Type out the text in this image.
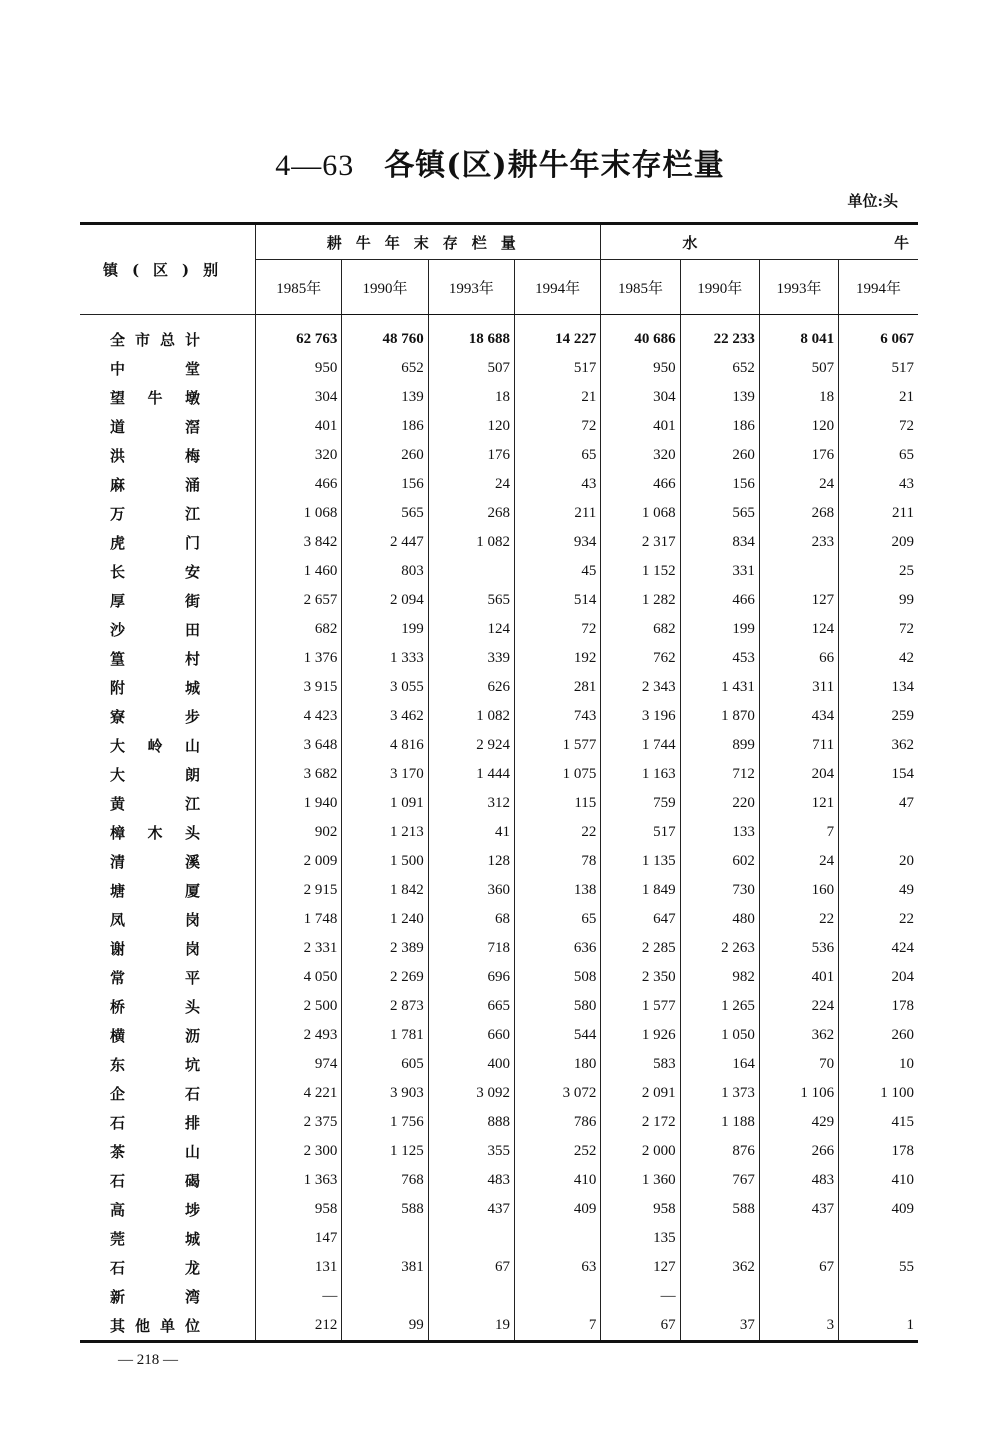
4—63 各镇(区)耕牛年末存栏量
单位:头
镇(区)别	耕牛年末存栏量				水 牛			

	1985年	1990年	1993年	1994年	1985年	1990年	1993年	1994年

全 市 总 计	62 763	48 760	18 688	14 227	40 686	22 233	8 041	6 067

中 堂	950	652	507	517	950	652	507	517

望 牛 墩	304	139	18	21	304	139	18	21

道 滘	401	186	120	72	401	186	120	72

洪 梅	320	260	176	65	320	260	176	65

麻 涌	466	156	24	43	466	156	24	43

万 江	1 068	565	268	211	1 068	565	268	211

虎 门	3 842	2 447	1 082	934	2 317	834	233	209

长 安	1 460	803		45	1 152	331		25

厚 街	2 657	2 094	565	514	1 282	466	127	99

沙 田	682	199	124	72	682	199	124	72

篁 村	1 376	1 333	339	192	762	453	66	42

附 城	3 915	3 055	626	281	2 343	1 431	311	134

寮 步	4 423	3 462	1 082	743	3 196	1 870	434	259

大 岭 山	3 648	4 816	2 924	1 577	1 744	899	711	362

大 朗	3 682	3 170	1 444	1 075	1 163	712	204	154

黄 江	1 940	1 091	312	115	759	220	121	47

樟 木 头	902	1 213	41	22	517	133	7	

清 溪	2 009	1 500	128	78	1 135	602	24	20

塘 厦	2 915	1 842	360	138	1 849	730	160	49

凤 岗	1 748	1 240	68	65	647	480	22	22

谢 岗	2 331	2 389	718	636	2 285	2 263	536	424

常 平	4 050	2 269	696	508	2 350	982	401	204

桥 头	2 500	2 873	665	580	1 577	1 265	224	178

横 沥	2 493	1 781	660	544	1 926	1 050	362	260

东 坑	974	605	400	180	583	164	70	10

企 石	4 221	3 903	3 092	3 072	2 091	1 373	1 106	1 100

石 排	2 375	1 756	888	786	2 172	1 188	429	415

茶 山	2 300	1 125	355	252	2 000	876	266	178

石 碣	1 363	768	483	410	1 360	767	483	410

高 埗	958	588	437	409	958	588	437	409

莞 城	147				135			

石 龙	131	381	67	63	127	362	67	55

新 湾	—				—			

其 他 单 位	212	99	19	7	67	37	3	1
— 218 —
